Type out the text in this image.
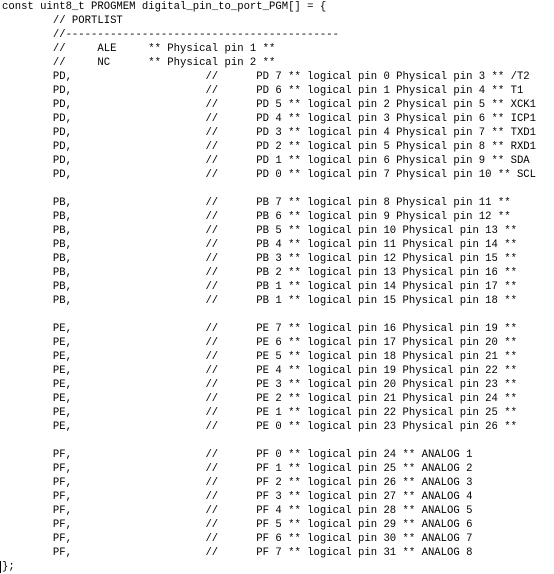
const uint8_t PROGMEM digital_pin_to_port_PGM[] = {
	// PORTLIST
	//-------------------------------------------
	//     ALE     ** Physical pin 1 **
	//     NC      ** Physical pin 2 **
	PD,			//	PD 7 ** logical pin 0 Physical pin 3 ** /T2
	PD,			//	PD 6 ** logical pin 1 Physical pin 4 ** T1
	PD,			//	PD 5 ** logical pin 2 Physical pin 5 ** XCK1
	PD,			//	PD 4 ** logical pin 3 Physical pin 6 ** ICP1
	PD,			//	PD 3 ** logical pin 4 Physical pin 7 ** TXD1
	PD,			//	PD 2 ** logical pin 5 Physical pin 8 ** RXD1
	PD,			//	PD 1 ** logical pin 6 Physical pin 9 ** SDA
	PD,			//	PD 0 ** logical pin 7 Physical pin 10 ** SCL
	PB,			//	PB 7 ** logical pin 8 Physical pin 11 **
	PB,			//	PB 6 ** logical pin 9 Physical pin 12 **
	PB,			//	PB 5 ** logical pin 10 Physical pin 13 **
	PB,			//	PB 4 ** logical pin 11 Physical pin 14 **
	PB,			//	PB 3 ** logical pin 12 Physical pin 15 **
	PB,			//	PB 2 ** logical pin 13 Physical pin 16 **
	PB,			//	PB 1 ** logical pin 14 Physical pin 17 **
	PB,			//	PB 1 ** logical pin 15 Physical pin 18 **
	PE,			//	PE 7 ** logical pin 16 Physical pin 19 **
	PE,			//	PE 6 ** logical pin 17 Physical pin 20 **
	PE,			//	PE 5 ** logical pin 18 Physical pin 21 **
	PE,			//	PE 4 ** logical pin 19 Physical pin 22 **
	PE,			//	PE 3 ** logical pin 20 Physical pin 23 **
	PE,			//	PE 2 ** logical pin 21 Physical pin 24 **
	PE,			//	PE 1 ** logical pin 22 Physical pin 25 **
	PE,			//	PE 0 ** logical pin 23 Physical pin 26 **
	PF,			//	PF 0 ** logical pin 24 ** ANALOG 1
	PF,			//	PF 1 ** logical pin 25 ** ANALOG 2
	PF,			//	PF 2 ** logical pin 26 ** ANALOG 3
	PF,			//	PF 3 ** logical pin 27 ** ANALOG 4
	PF,			//	PF 4 ** logical pin 28 ** ANALOG 5
	PF,			//	PF 5 ** logical pin 29 ** ANALOG 6
	PF,			//	PF 6 ** logical pin 30 ** ANALOG 7
	PF,			//	PF 7 ** logical pin 31 ** ANALOG 8
};
